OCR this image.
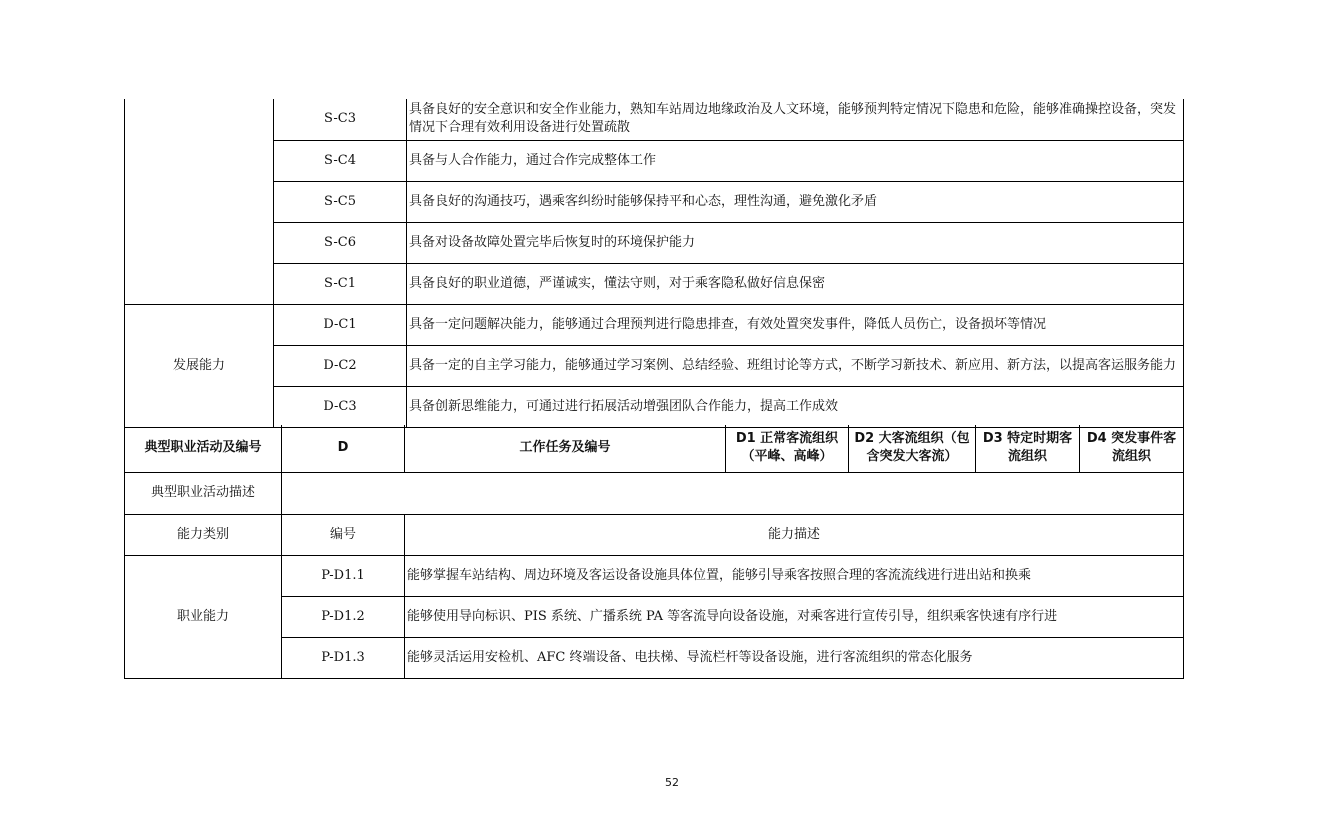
	S-C3	具备良好的安全意识和安全作业能力，熟知车站周边地缘政治及人文环境，能够预判特定情况下隐患和危险，能够准确操控设备，突发情况下合理有效利用设备进行处置疏散
	S-C4	具备与人合作能力，通过合作完成整体工作
	S-C5	具备良好的沟通技巧，遇乘客纠纷时能够保持平和心态，理性沟通，避免激化矛盾
	S-C6	具备对设备故障处置完毕后恢复时的环境保护能力
	S-C1	具备良好的职业道德，严谨诚实，懂法守则，对于乘客隐私做好信息保密
发展能力	D-C1	具备一定问题解决能力，能够通过合理预判进行隐患排查，有效处置突发事件，降低人员伤亡，设备损坏等情况
	D-C2	具备一定的自主学习能力，能够通过学习案例、总结经验、班组讨论等方式，不断学习新技术、新应用、新方法，以提高客运服务能力
	D-C3	具备创新思维能力，可通过进行拓展活动增强团队合作能力，提高工作成效
典型职业活动及编号	D	工作任务及编号	D1 正常客流组织（平峰、高峰）	D2 大客流组织（包含突发大客流）	D3 特定时期客流组织	D4 突发事件客流组织
典型职业活动描述						
能力类别	编号	能力描述				
职业能力	P-D1.1	能够掌握车站结构、周边环境及客运设备设施具体位置，能够引导乘客按照合理的客流流线进行进出站和换乘				
	P-D1.2	能够使用导向标识、PIS 系统、广播系统 PA 等客流导向设备设施，对乘客进行宣传引导，组织乘客快速有序行进				
	P-D1.3	能够灵活运用安检机、AFC 终端设备、电扶梯、导流栏杆等设备设施，进行客流组织的常态化服务				
52
